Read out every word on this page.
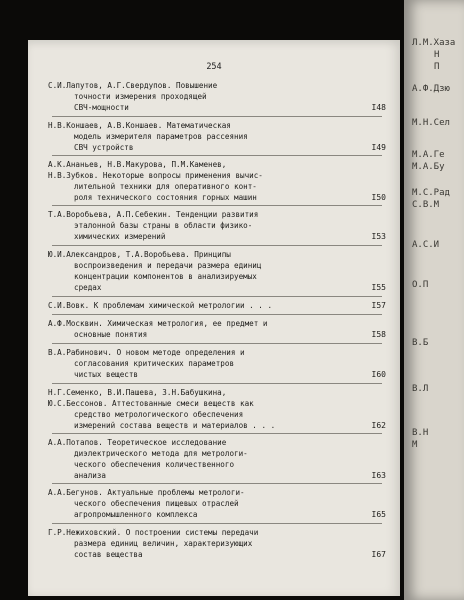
Л.М.Хаза
Н
П
А.Ф.Дзю
М.Н.Сел
М.А.Ге
М.А.Бу
М.С.Рад
С.В.М
А.С.И
О.П
В.Б
В.Л
В.Н
М
254
С.И.Лапутов, А.Г.Свердупов. Повышение
точности измерения проходящей
СВЧ-мощности	I48
Н.В.Коншаев, А.В.Коншаев. Математическая
модель измерителя параметров рассеяния
СВЧ устройств	I49
А.К.Ананьев, Н.В.Макурова, П.М.Каменев,
Н.В.Зубков. Некоторые вопросы применения вычис-
лительной техники для оперативного конт-
роля технического состояния горных машин	I50
Т.А.Воробьева, А.П.Себекин. Тенденции развития
эталонной базы страны в области физико-
химических измерений	I53
Ю.И.Александров, Т.А.Воробьева. Принципы
воспроизведения и передачи размера единиц
концентрации компонентов в анализируемых
средах	I55
С.И.Вовк. К проблемам химической метрологии . . .	I57
А.Ф.Москвин. Химическая метрология, ее предмет и
основные понятия	I58
В.А.Рабинович. О новом методе определения и
согласования критических параметров
чистых веществ	I60
Н.Г.Семенко, В.И.Пашева, З.Н.Бабушкина,
Ю.С.Бессонов. Аттестованные смеси веществ как
средство метрологического обеспечения
измерений состава веществ и материалов . . .	I62
А.А.Потапов. Теоретическое исследование
диэлектрического метода для метрологи-
ческого обеспечения количественного
анализа	I63
А.А.Бегунов. Актуальные проблемы метрологи-
ческого обеспечения пищевых отраслей
агропромышленного комплекса	I65
Г.Р.Нежиховский. О построении системы передачи
размера единиц величин, характеризующих
состав вещества	I67
